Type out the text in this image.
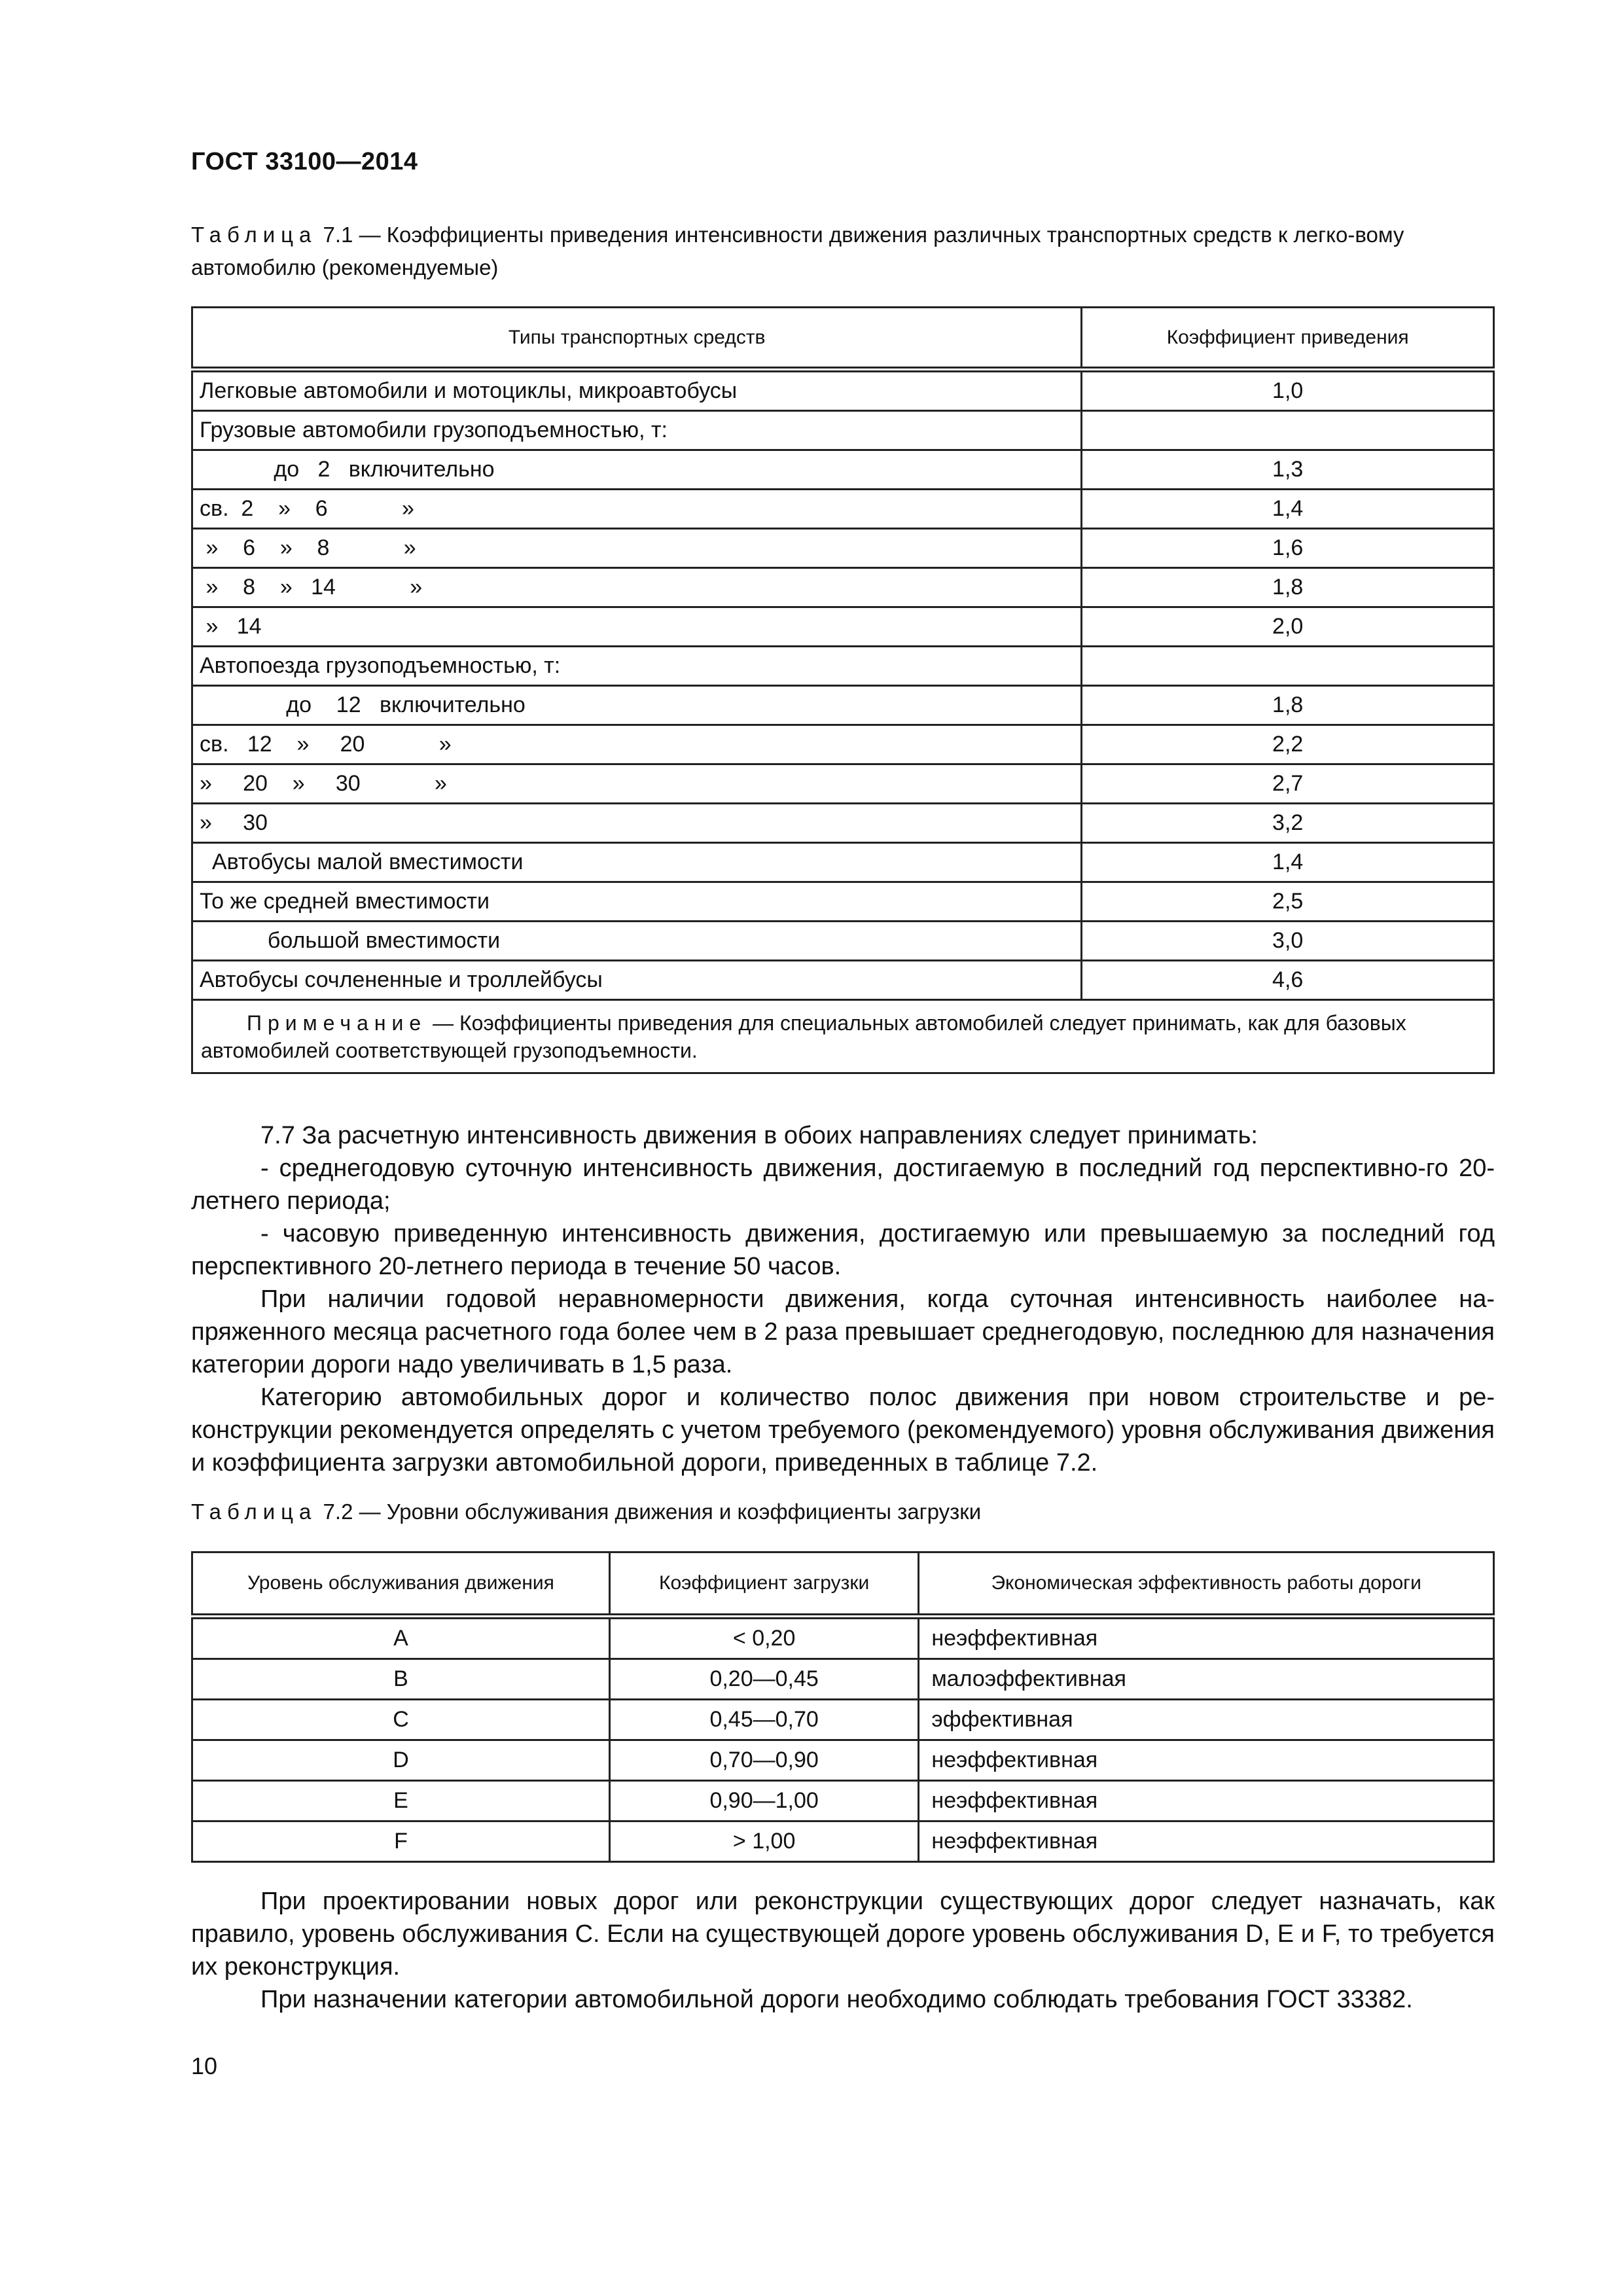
ГОСТ 33100—2014
Таблица 7.1 — Коэффициенты приведения интенсивности движения различных транспортных средств к легко-вому автомобилю (рекомендуемые)
Типы транспортных средств	Коэффициент приведения
Легковые автомобили и мотоциклы, микроавтобусы	1,0
Грузовые автомобили грузоподъемностью, т:	
до   2   включительно	1,3
св.  2    »    6            »	1,4
»    6    »    8            »	1,6
»    8    »   14            »	1,8
»   14	2,0
Автопоезда грузоподъемностью, т:	
до    12   включительно	1,8
св.   12    »     20            »	2,2
»     20    »     30            »	2,7
»     30	3,2
Автобусы малой вместимости	1,4
То же средней вместимости	2,5
большой вместимости	3,0
Автобусы сочлененные и троллейбусы	4,6
Примечание — Коэффициенты приведения для специальных автомобилей следует принимать, как для базовых автомобилей соответствующей грузоподъемности.	

7.7 За расчетную интенсивность движения в обоих направлениях следует принимать:

- среднегодовую суточную интенсивность движения, достигаемую в последний год перспективно-го 20-летнего периода;

- часовую приведенную интенсивность движения, достигаемую или превышаемую за последний год перспективного 20-летнего периода в течение 50 часов.

При наличии годовой неравномерности движения, когда суточная интенсивность наиболее на-пряженного месяца расчетного года более чем в 2 раза превышает среднегодовую, последнюю для назначения категории дороги надо увеличивать в 1,5 раза.

Категорию автомобильных дорог и количество полос движения при новом строительстве и ре-конструкции рекомендуется определять с учетом требуемого (рекомендуемого) уровня обслуживания движения и коэффициента загрузки автомобильной дороги, приведенных в таблице 7.2.

Таблица 7.2 — Уровни обслуживания движения и коэффициенты загрузки
Уровень обслуживания движения	Коэффициент загрузки	Экономическая эффективность работы дороги
A	< 0,20	неэффективная
B	0,20—0,45	малоэффективная
C	0,45—0,70	эффективная
D	0,70—0,90	неэффективная
E	0,90—1,00	неэффективная
F	> 1,00	неэффективная

При проектировании новых дорог или реконструкции существующих дорог следует назначать, как правило, уровень обслуживания С. Если на существующей дороге уровень обслуживания D, E и F, то требуется их реконструкция.

При назначении категории автомобильной дороги необходимо соблюдать требования ГОСТ 33382.

10
